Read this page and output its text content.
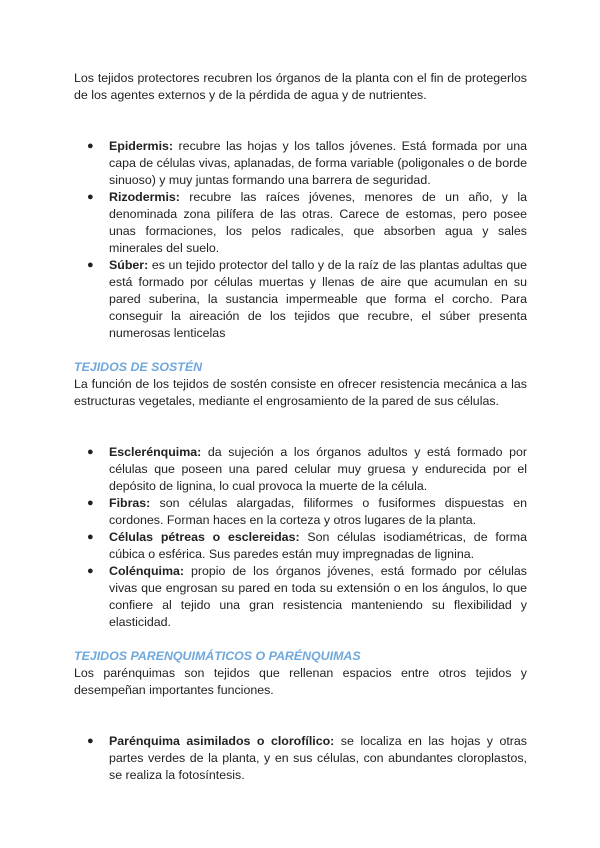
Los tejidos protectores recubren los órganos de la planta con el fin de protegerlos de los agentes externos y de la pérdida de agua y de nutrientes.

● Epidermis: recubre las hojas y los tallos jóvenes. Está formada por una capa de células vivas, aplanadas, de forma variable (poligonales o de borde sinuoso) y muy juntas formando una barrera de seguridad.
● Rizodermis: recubre las raíces jóvenes, menores de un año, y la denominada zona pilífera de las otras. Carece de estomas, pero posee unas formaciones, los pelos radicales, que absorben agua y sales minerales del suelo.
● Súber: es un tejido protector del tallo y de la raíz de las plantas adultas que está formado por células muertas y llenas de aire que acumulan en su pared suberina, la sustancia impermeable que forma el corcho. Para conseguir la aireación de los tejidos que recubre, el súber presenta numerosas lenticelas
TEJIDOS DE SOSTÉN

La función de los tejidos de sostén consiste en ofrecer resistencia mecánica a las estructuras vegetales, mediante el engrosamiento de la pared de sus células.

● Esclerénquima: da sujeción a los órganos adultos y está formado por células que poseen una pared celular muy gruesa y endurecida por el depósito de lignina, lo cual provoca la muerte de la célula.
● Fibras: son células alargadas, filiformes o fusiformes dispuestas en cordones. Forman haces en la corteza y otros lugares de la planta.
● Células pétreas o esclereidas: Son células isodiamétricas, de forma cúbica o esférica. Sus paredes están muy impregnadas de lignina.
● Colénquima: propio de los órganos jóvenes, está formado por células vivas que engrosan su pared en toda su extensión o en los ángulos, lo que confiere al tejido una gran resistencia manteniendo su flexibilidad y elasticidad.
TEJIDOS PARENQUIMÁTICOS O PARÉNQUIMAS

Los parénquimas son tejidos que rellenan espacios entre otros tejidos y desempeñan importantes funciones.

● Parénquima asimilados o clorofílico: se localiza en las hojas y otras partes verdes de la planta, y en sus células, con abundantes cloroplastos, se realiza la fotosíntesis.
